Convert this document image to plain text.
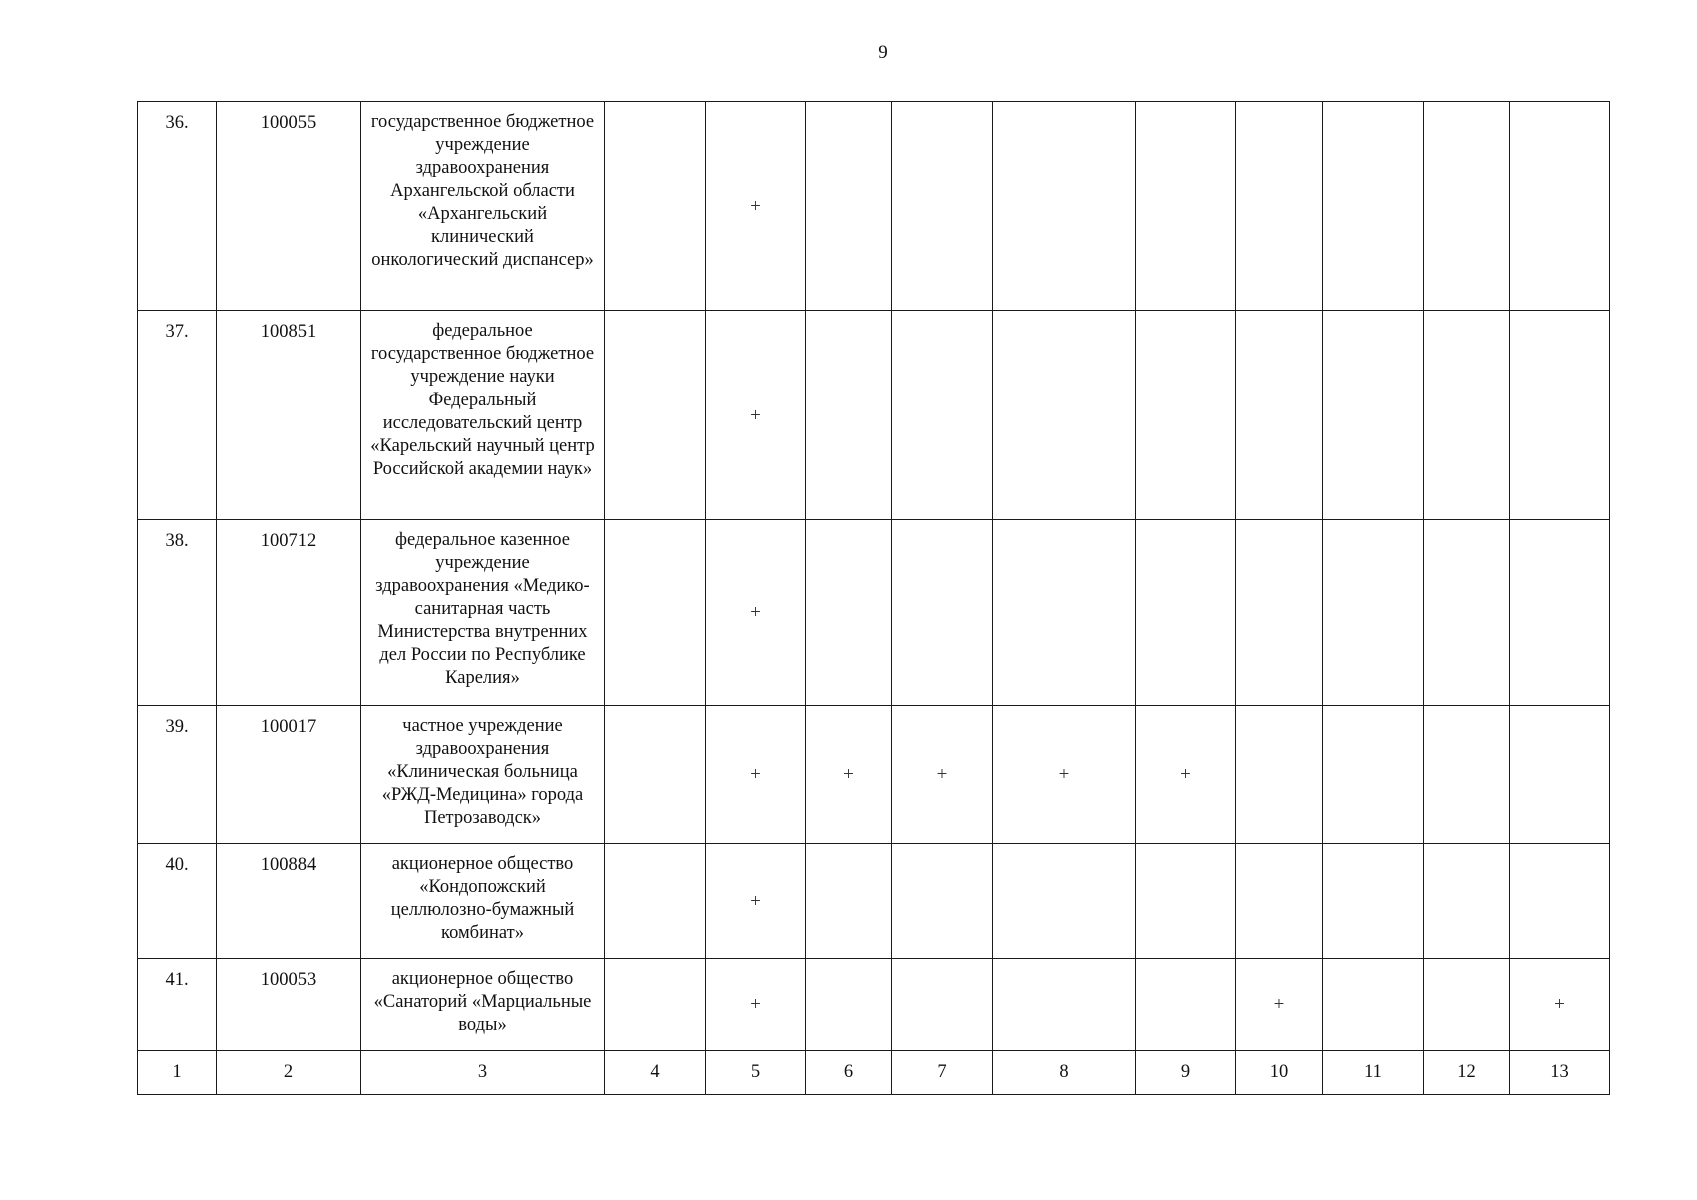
9
36.	100055	государственное бюджетное учреждение здравоохранения Архангельской области «Архангельский клинический онкологический диспансер»		+								
37.	100851	федеральное государственное бюджетное учреждение науки Федеральный исследовательский центр «Карельский научный центр Российской академии наук»		+								
38.	100712	федеральное казенное учреждение здравоохранения «Медико-санитарная часть Министерства внутренних дел России по Республике Карелия»		+								
39.	100017	частное учреждение здравоохранения «Клиническая больница «РЖД-Медицина» города Петрозаводск»		+	+	+	+	+				
40.	100884	акционерное общество «Кондопожский целлюлозно-бумажный комбинат»		+								
41.	100053	акционерное общество «Санаторий «Марциальные воды»		+					+			+
1	2	3	4	5	6	7	8	9	10	11	12	13
